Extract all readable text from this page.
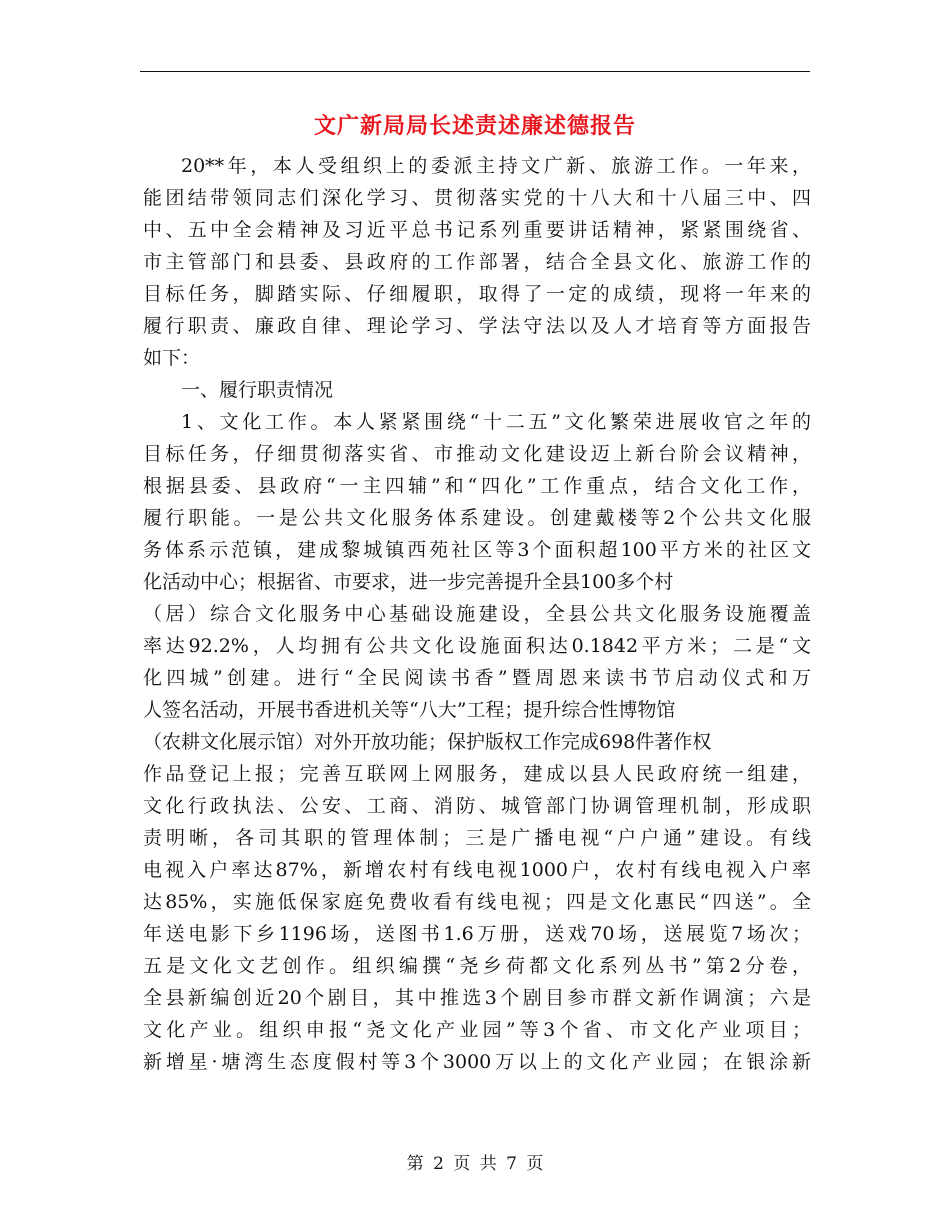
文广新局局长述责述廉述德报告
20**年，本人受组织上的委派主持文广新、旅游工作。一年来，
能团结带领同志们深化学习、贯彻落实党的十八大和十八届三中、四
中、五中全会精神及习近平总书记系列重要讲话精神，紧紧围绕省、
市主管部门和县委、县政府的工作部署，结合全县文化、旅游工作的
目标任务，脚踏实际、仔细履职，取得了一定的成绩，现将一年来的
履行职责、廉政自律、理论学习、学法守法以及人才培育等方面报告
如下：
一、履行职责情况
1、文化工作。本人紧紧围绕“十二五”文化繁荣进展收官之年的
目标任务，仔细贯彻落实省、市推动文化建设迈上新台阶会议精神，
根据县委、县政府“一主四辅”和“四化”工作重点，结合文化工作，
履行职能。一是公共文化服务体系建设。创建戴楼等2个公共文化服
务体系示范镇，建成黎城镇西苑社区等3个面积超100平方米的社区文
化活动中心；根据省、市要求，进一步完善提升全县100多个村
（居）综合文化服务中心基础设施建设，全县公共文化服务设施覆盖
率达92.2%，人均拥有公共文化设施面积达0.1842平方米；二是“文
化四城”创建。进行“全民阅读书香”暨周恩来读书节启动仪式和万
人签名活动，开展书香进机关等“八大”工程；提升综合性博物馆
（农耕文化展示馆）对外开放功能；保护版权工作完成698件著作权
作品登记上报；完善互联网上网服务，建成以县人民政府统一组建，
文化行政执法、公安、工商、消防、城管部门协调管理机制，形成职
责明晰，各司其职的管理体制；三是广播电视“户户通”建设。有线
电视入户率达87%，新增农村有线电视1000户，农村有线电视入户率
达85%，实施低保家庭免费收看有线电视；四是文化惠民“四送”。全
年送电影下乡1196场，送图书1.6万册，送戏70场，送展览7场次；
五是文化文艺创作。组织编撰“尧乡荷都文化系列丛书”第2分卷，
全县新编创近20个剧目，其中推选3个剧目参市群文新作调演；六是
文化产业。组织申报“尧文化产业园”等3个省、市文化产业项目；
新增星·塘湾生态度假村等3个3000万以上的文化产业园；在银涂新
第 2 页 共 7 页
